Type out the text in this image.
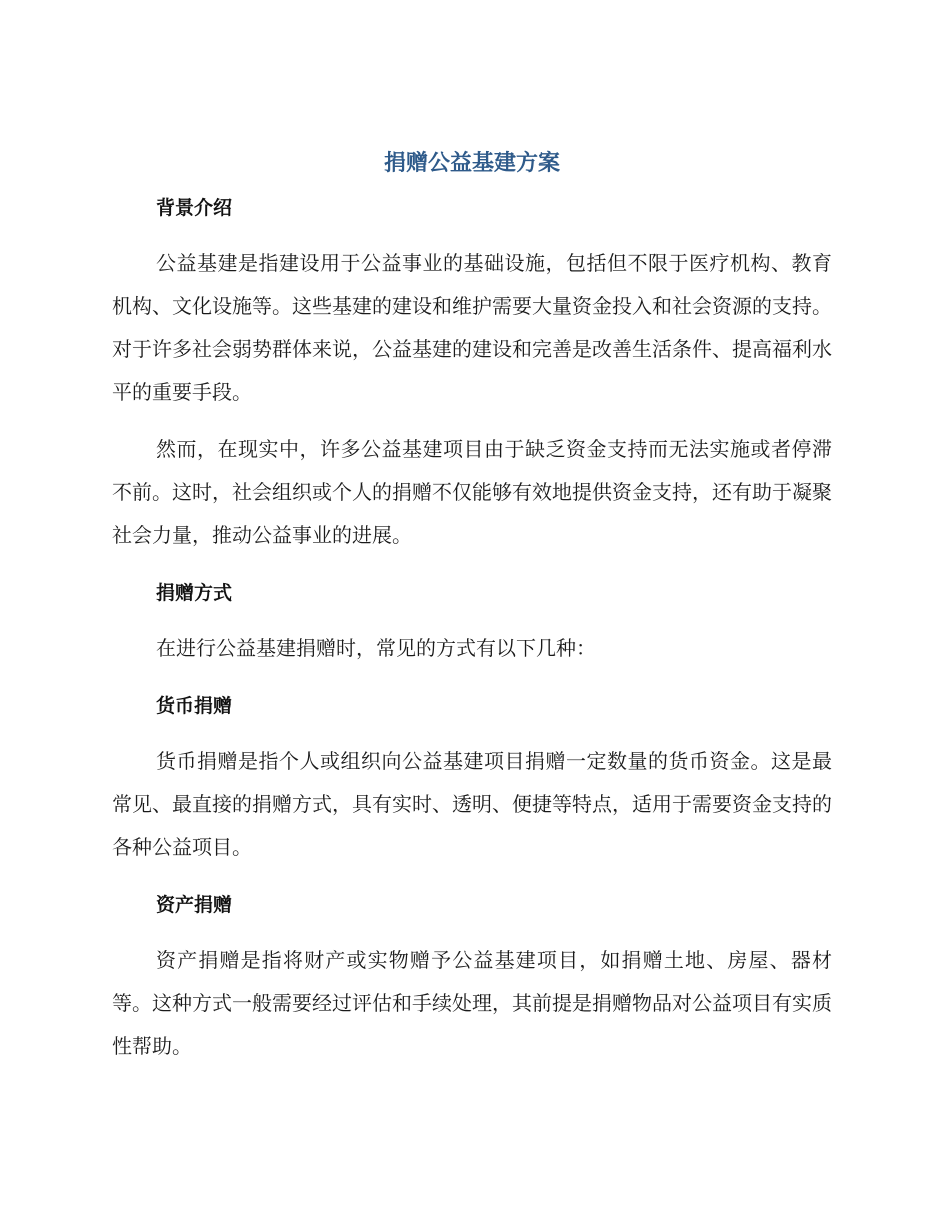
捐赠公益基建方案
背景介绍

公益基建是指建设用于公益事业的基础设施，包括但不限于医疗机构、教育机构、文化设施等。这些基建的建设和维护需要大量资金投入和社会资源的支持。对于许多社会弱势群体来说，公益基建的建设和完善是改善生活条件、提高福利水平的重要手段。

然而，在现实中，许多公益基建项目由于缺乏资金支持而无法实施或者停滞不前。这时，社会组织或个人的捐赠不仅能够有效地提供资金支持，还有助于凝聚社会力量，推动公益事业的进展。

捐赠方式

在进行公益基建捐赠时，常见的方式有以下几种：

货币捐赠

货币捐赠是指个人或组织向公益基建项目捐赠一定数量的货币资金。这是最常见、最直接的捐赠方式，具有实时、透明、便捷等特点，适用于需要资金支持的各种公益项目。

资产捐赠

资产捐赠是指将财产或实物赠予公益基建项目，如捐赠土地、房屋、器材等。这种方式一般需要经过评估和手续处理，其前提是捐赠物品对公益项目有实质性帮助。
